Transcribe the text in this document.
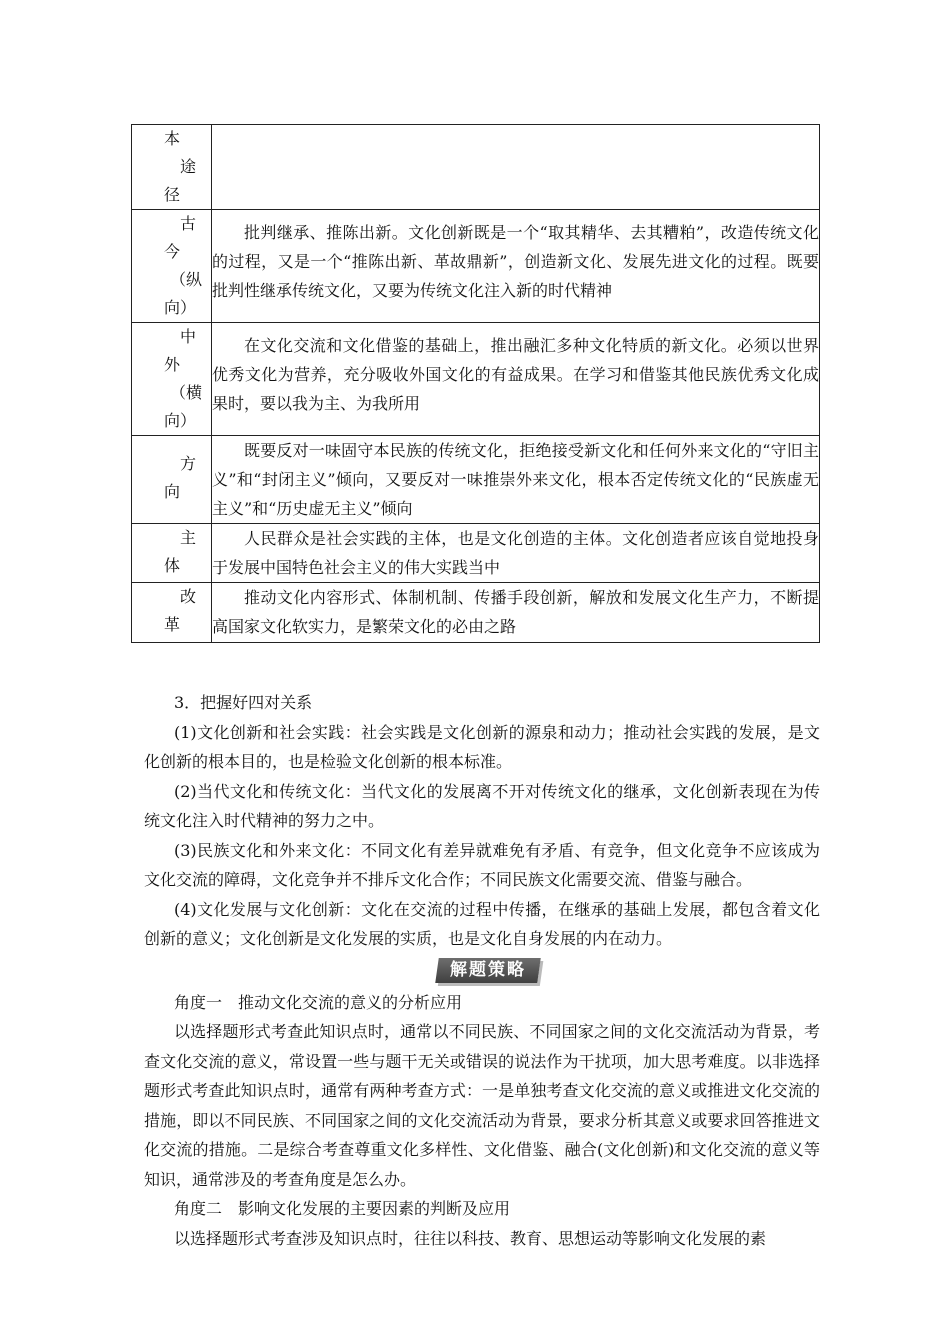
本
途
径	

古
今
（纵
向）	批判继承、推陈出新。文化创新既是一个“取其精华、去其糟粕”，改造传统文化的过程，又是一个“推陈出新、革故鼎新”，创造新文化、发展先进文化的过程。既要批判性继承传统文化，又要为传统文化注入新的时代精神

中
外
（横
向）	在文化交流和文化借鉴的基础上，推出融汇多种文化特质的新文化。必须以世界优秀文化为营养，充分吸收外国文化的有益成果。在学习和借鉴其他民族优秀文化成果时，要以我为主、为我所用

方
向	既要反对一味固守本民族的传统文化，拒绝接受新文化和任何外来文化的“守旧主义”和“封闭主义”倾向，又要反对一味推崇外来文化，根本否定传统文化的“民族虚无主义”和“历史虚无主义”倾向

主
体	人民群众是社会实践的主体，也是文化创造的主体。文化创造者应该自觉地投身于发展中国特色社会主义的伟大实践当中

改
革	推动文化内容形式、体制机制、传播手段创新，解放和发展文化生产力，不断提高国家文化软实力，是繁荣文化的必由之路

3．把握好四对关系

(1)文化创新和社会实践：社会实践是文化创新的源泉和动力；推动社会实践的发展，是文化创新的根本目的，也是检验文化创新的根本标准。

(2)当代文化和传统文化：当代文化的发展离不开对传统文化的继承，文化创新表现在为传统文化注入时代精神的努力之中。

(3)民族文化和外来文化：不同文化有差异就难免有矛盾、有竞争，但文化竞争不应该成为文化交流的障碍，文化竞争并不排斥文化合作；不同民族文化需要交流、借鉴与融合。

(4)文化发展与文化创新：文化在交流的过程中传播，在继承的基础上发展，都包含着文化创新的意义；文化创新是文化发展的实质，也是文化自身发展的内在动力。

解题策略

角度一　推动文化交流的意义的分析应用

以选择题形式考查此知识点时，通常以不同民族、不同国家之间的文化交流活动为背景，考查文化交流的意义，常设置一些与题干无关或错误的说法作为干扰项，加大思考难度。以非选择题形式考查此知识点时，通常有两种考查方式：一是单独考查文化交流的意义或推进文化交流的措施，即以不同民族、不同国家之间的文化交流活动为背景，要求分析其意义或要求回答推进文化交流的措施。二是综合考查尊重文化多样性、文化借鉴、融合(文化创新)和文化交流的意义等知识，通常涉及的考查角度是怎么办。

角度二　影响文化发展的主要因素的判断及应用

以选择题形式考查涉及知识点时，往往以科技、教育、思想运动等影响文化发展的素
